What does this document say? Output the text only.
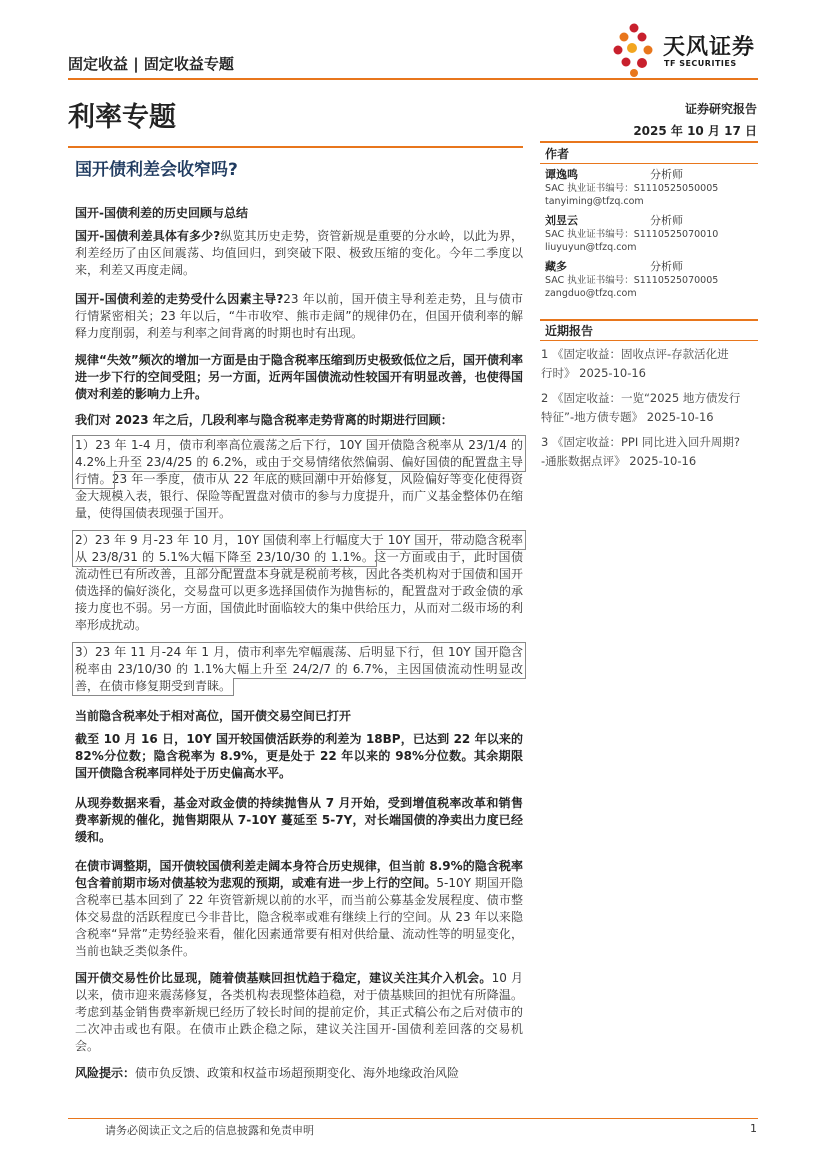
固定收益 | 固定收益专题
天风证券
TF SECURITIES
利率专题	证券研究报告
2025 年 10 月 17 日
国开债利差会收窄吗?
作者
谭逸鸣	分析师
SAC 执业证书编号：S1110525050005
tanyiming@tfzq.com
刘昱云	分析师
SAC 执业证书编号：S1110525070010
liuyuyun@tfzq.com
藏多	分析师
SAC 执业证书编号：S1110525070005
zangduo@tfzq.com
近期报告
1 《固定收益：固收点评-存款活化进
行时》 2025-10-16
2 《固定收益：一览“2025 地方债发行
特征”-地方债专题》 2025-10-16
3 《固定收益：PPI 同比进入回升周期?
-通胀数据点评》 2025-10-16
国开-国债利差的历史回顾与总结
国开-国债利差具体有多少?纵览其历史走势，资管新规是重要的分水岭，以此为界，利差经历了由区间震荡、均值回归，到突破下限、极致压缩的变化。今年二季度以来，利差又再度走阔。
国开-国债利差的走势受什么因素主导?23 年以前，国开债主导利差走势，且与债市行情紧密相关；23 年以后，“牛市收窄、熊市走阔”的规律仍在，但国开债利率的解释力度削弱，利差与利率之间背离的时期也时有出现。
规律“失效”频次的增加一方面是由于隐含税率压缩到历史极致低位之后，国开债利率进一步下行的空间受阻；另一方面，近两年国债流动性较国开有明显改善，也使得国债对利差的影响力上升。
我们对 2023 年之后，几段利率与隐含税率走势背离的时期进行回顾：
1）23 年 1-4 月，债市利率高位震荡之后下行，10Y 国开债隐含税率从 23/1/4 的 4.2%上升至 23/4/25 的 6.2%，或由于交易情绪依然偏弱、偏好国债的配置盘主导行情。23 年一季度，债市从 22 年底的赎回潮中开始修复，风险偏好等变化使得资金大规模入表，银行、保险等配置盘对债市的参与力度提升，而广义基金整体仍在缩量，使得国债表现强于国开。
2）23 年 9 月-23 年 10 月，10Y 国债利率上行幅度大于 10Y 国开，带动隐含税率从 23/8/31 的 5.1%大幅下降至 23/10/30 的 1.1%。这一方面或由于，此时国债流动性已有所改善，且部分配置盘本身就是税前考核，因此各类机构对于国债和国开债选择的偏好淡化，交易盘可以更多选择国债作为抛售标的，配置盘对于政金债的承接力度也不弱。另一方面，国债此时面临较大的集中供给压力，从而对二级市场的利率形成扰动。
3）23 年 11 月-24 年 1 月，债市利率先窄幅震荡、后明显下行，但 10Y 国开隐含税率由 23/10/30 的 1.1%大幅上升至 24/2/7 的 6.7%，主因国债流动性明显改善，在债市修复期受到青睐。
当前隐含税率处于相对高位，国开债交易空间已打开
截至 10 月 16 日，10Y 国开较国债活跃券的利差为 18BP，已达到 22 年以来的 82%分位数；隐含税率为 8.9%，更是处于 22 年以来的 98%分位数。其余期限国开债隐含税率同样处于历史偏高水平。
从现券数据来看，基金对政金债的持续抛售从 7 月开始，受到增值税率改革和销售费率新规的催化，抛售期限从 7-10Y 蔓延至 5-7Y，对长端国债的净卖出力度已经缓和。
在债市调整期，国开债较国债利差走阔本身符合历史规律，但当前 8.9%的隐含税率包含着前期市场对债基较为悲观的预期，或难有进一步上行的空间。5-10Y 期国开隐含税率已基本回到了 22 年资管新规以前的水平，而当前公募基金发展程度、债市整体交易盘的活跃程度已今非昔比，隐含税率或难有继续上行的空间。从 23 年以来隐含税率“异常”走势经验来看，催化因素通常要有相对供给量、流动性等的明显变化，当前也缺乏类似条件。
国开债交易性价比显现，随着债基赎回担忧趋于稳定，建议关注其介入机会。10 月以来，债市迎来震荡修复，各类机构表现整体趋稳，对于债基赎回的担忧有所降温。考虑到基金销售费率新规已经历了较长时间的提前定价，其正式稿公布之后对债市的二次冲击或也有限。在债市止跌企稳之际，建议关注国开-国债利差回落的交易机会。
风险提示：债市负反馈、政策和权益市场超预期变化、海外地缘政治风险
请务必阅读正文之后的信息披露和免责申明	1
